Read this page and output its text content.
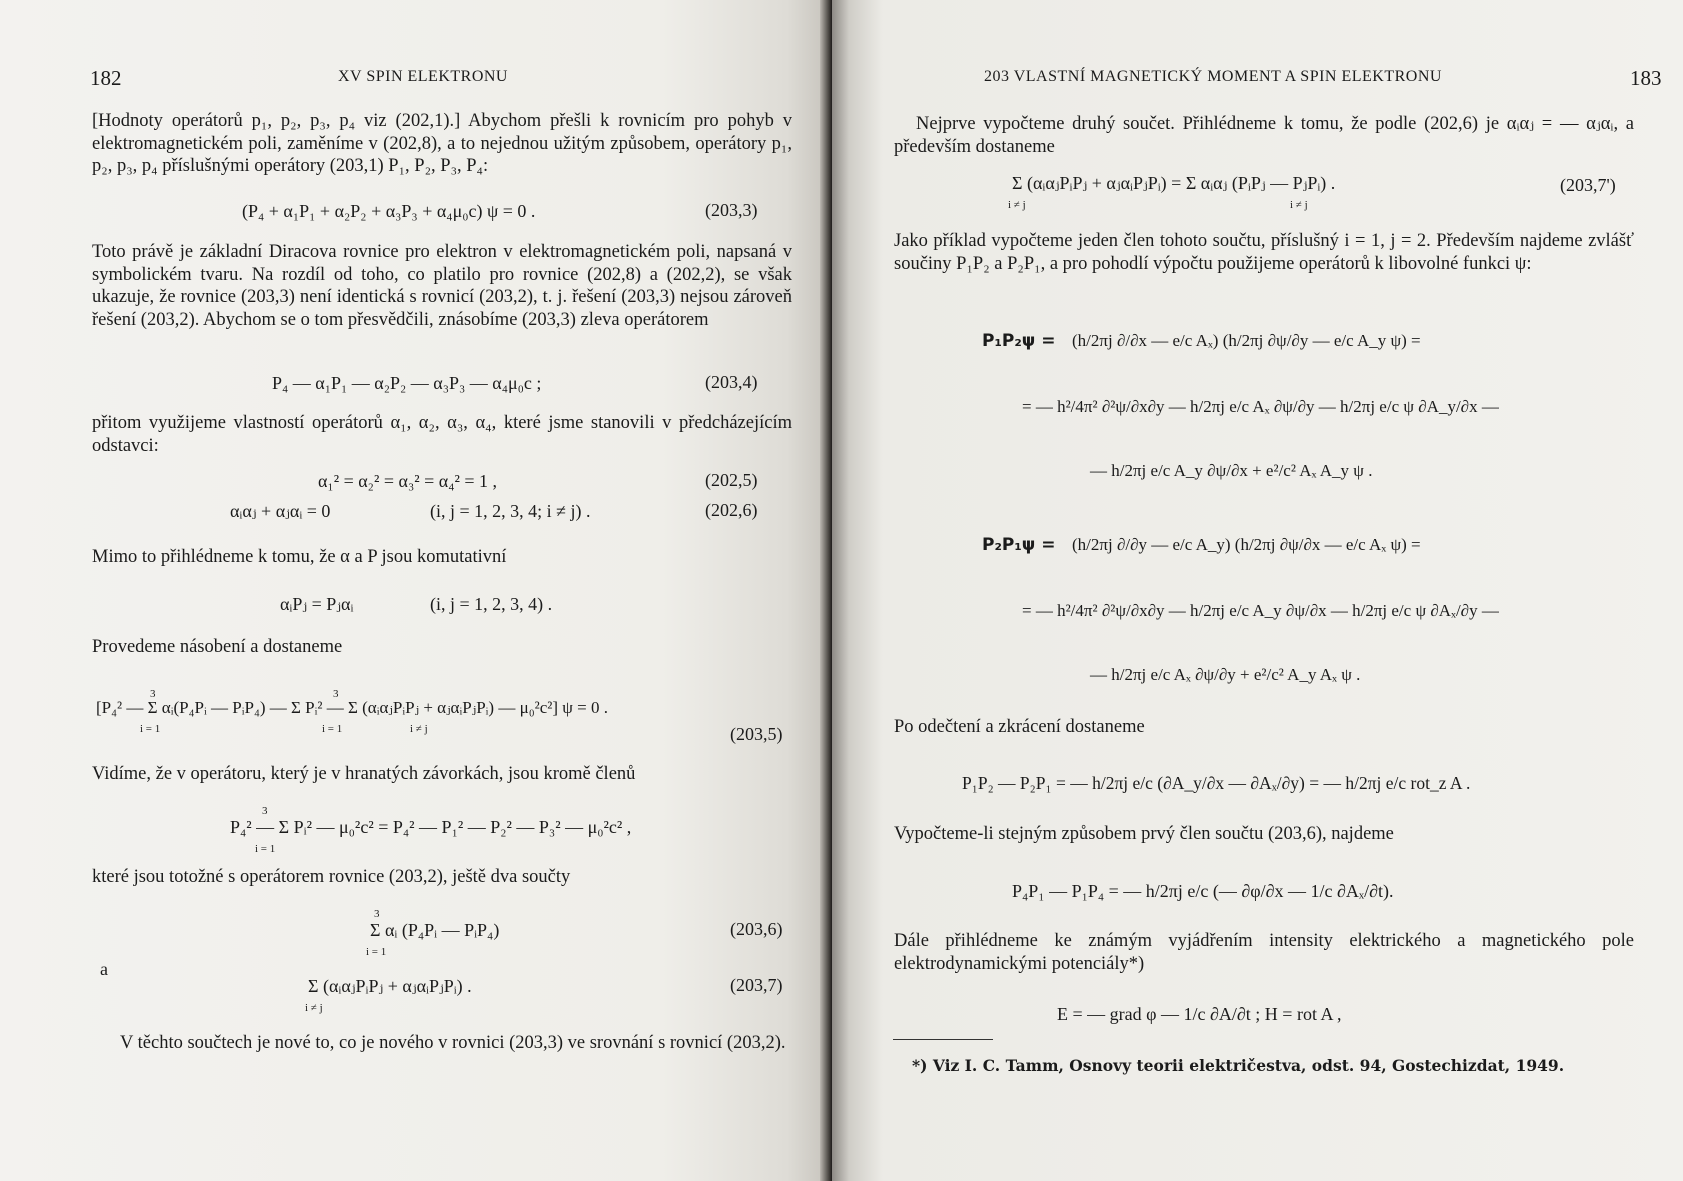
182	XV SPIN ELEKTRONU

[Hodnoty operátorů p₁, p₂, p₃, p₄ viz (202,1).] Abychom přešli k rovnicím pro pohyb v elektromagnetickém poli, zaměníme v (202,8), a to nejednou užitým způsobem, operátory p₁, p₂, p₃, p₄ příslušnými operátory (203,1) P₁, P₂, P₃, P₄:

(P₄ + α₁P₁ + α₂P₂ + α₃P₃ + α₄μ₀c) ψ = 0 .	(203,3)

Toto právě je základní Diracova rovnice pro elektron v elektromagnetickém poli, napsaná v symbolickém tvaru. Na rozdíl od toho, co platilo pro rovnice (202,8) a (202,2), se však ukazuje, že rovnice (203,3) není identická s rovnicí (203,2), t. j. řešení (203,3) nejsou zároveň řešení (203,2). Abychom se o tom přesvědčili, znásobíme (203,3) zleva operátorem

P₄ — α₁P₁ — α₂P₂ — α₃P₃ — α₄μ₀c ;	(203,4)

přitom využijeme vlastností operátorů α₁, α₂, α₃, α₄, které jsme stanovili v předcházejícím odstavci:

α₁² = α₂² = α₃² = α₄² = 1 ,	(202,5)
αᵢαⱼ + αⱼαᵢ = 0	(i, j = 1, 2, 3, 4; i ≠ j) .	(202,6)

Mimo to přihlédneme k tomu, že α a P jsou komutativní

αᵢPⱼ = Pⱼαᵢ	(i, j = 1, 2, 3, 4) .

Provedeme násobení a dostaneme

3	3
[P₄² — Σ αᵢ(P₄Pᵢ — PᵢP₄) — Σ Pᵢ² — Σ (αᵢαⱼPᵢPⱼ + αⱼαᵢPⱼPᵢ) — μ₀²c²] ψ = 0 .
i = 1	i = 1	i ≠ j	(203,5)

Vidíme, že v operátoru, který je v hranatých závorkách, jsou kromě členů

3
P₄² — Σ Pᵢ² — μ₀²c² = P₄² — P₁² — P₂² — P₃² — μ₀²c² ,
i = 1

které jsou totožné s operátorem rovnice (203,2), ještě dva součty

3
Σ αᵢ (P₄Pᵢ — PᵢP₄)
i = 1
(203,6)
a
Σ (αᵢαⱼPᵢPⱼ + αⱼαᵢPⱼPᵢ) .
i ≠ j
(203,7)

V těchto součtech je nové to, co je nového v rovnici (203,3) ve srovnání s rovnicí (203,2).

203 VLASTNÍ MAGNETICKÝ MOMENT A SPIN ELEKTRONU	183

Nejprve vypočteme druhý součet. Přihlédneme k tomu, že podle (202,6) je αᵢαⱼ = — αⱼαᵢ, a především dostaneme

Σ (αᵢαⱼPᵢPⱼ + αⱼαᵢPⱼPᵢ) = Σ αᵢαⱼ (PᵢPⱼ — PⱼPᵢ) .
i ≠ j	i ≠ j
(203,7')

Jako příklad vypočteme jeden člen tohoto součtu, příslušný i = 1, j = 2. Především najdeme zvlášť součiny P₁P₂ a P₂P₁, a pro pohodlí výpočtu použijeme operátorů k libovolné funkci ψ:

P₁P₂ψ = (h/2πj ∂/∂x — e/c Aₓ) (h/2πj ∂ψ/∂y — e/c A_y ψ) =
= — h²/4π² ∂²ψ/∂x∂y — h/2πj e/c Aₓ ∂ψ/∂y — h/2πj e/c ψ ∂A_y/∂x —
— h/2πj e/c A_y ∂ψ/∂x + e²/c² Aₓ A_y ψ .
P₂P₁ψ = (h/2πj ∂/∂y — e/c A_y) (h/2πj ∂ψ/∂x — e/c Aₓ ψ) =
= — h²/4π² ∂²ψ/∂x∂y — h/2πj e/c A_y ∂ψ/∂x — h/2πj e/c ψ ∂Aₓ/∂y —
— h/2πj e/c Aₓ ∂ψ/∂y + e²/c² A_y Aₓ ψ .

Po odečtení a zkrácení dostaneme

P₁P₂ — P₂P₁ = — h/2πj e/c (∂A_y/∂x — ∂Aₓ/∂y) = — h/2πj e/c rot_z A .

Vypočteme-li stejným způsobem prvý člen součtu (203,6), najdeme

P₄P₁ — P₁P₄ = — h/2πj e/c (— ∂φ/∂x — 1/c ∂Aₓ/∂t).

Dále přihlédneme ke známým vyjádřením intensity elektrického a magnetického pole elektrodynamickými potenciály*)

E = — grad φ — 1/c ∂A/∂t ; H = rot A ,
*) Viz I. C. Tamm, Osnovy teorii električestva, odst. 94, Gostechizdat, 1949.
